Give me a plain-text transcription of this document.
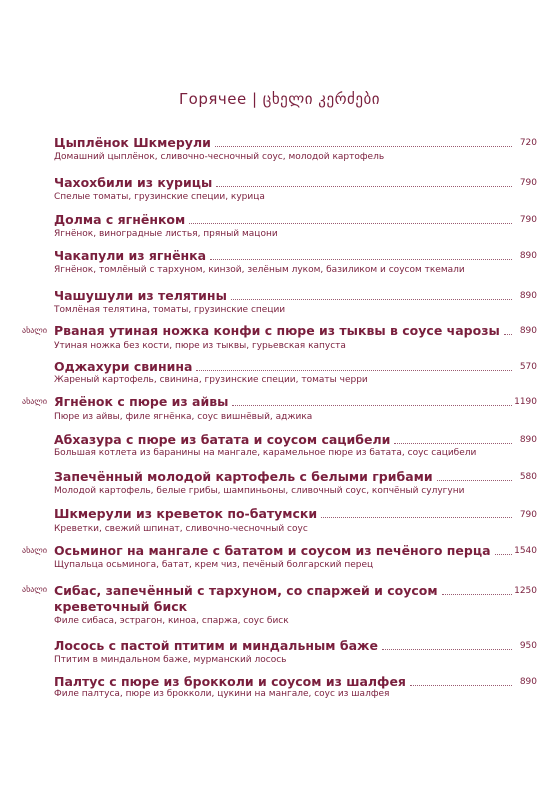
Горячее | ცხელი კერძები
Цыплёнок Шкмерули	720
Домашний цыплёнок, сливочно-чесночный соус, молодой картофель
Чахохбили из курицы	790
Спелые томаты, грузинские специи, курица
Долма с ягнёнком	790
Ягнёнок, виноградные листья, пряный мацони
Чакапули из ягнёнка	890
Ягнёнок, томлёный с тархуном, кинзой, зелёным луком, базиликом и соусом ткемали
Чашушули из телятины	890
Томлёная телятина, томаты, грузинские специи
ახალი Рваная утиная ножка конфи с пюре из тыквы в соусе чарозы 890
Утиная ножка без кости, пюре из тыквы, гурьевская капуста
Оджахури свинина	570
Жареный картофель, свинина, грузинские специи, томаты черри
ახალი Ягнёнок с пюре из айвы	1190
Пюре из айвы, филе ягнёнка, соус вишнёвый, аджика
Абхазура с пюре из батата и соусом сацибели	890
Большая котлета из баранины на мангале, карамельное пюре из батата, соус сацибели
Запечённый молодой картофель с белыми грибами	580
Молодой картофель, белые грибы, шампиньоны, сливочный соус, копчёный сулугуни
Шкмерули из креветок по-батумски	790
Креветки, свежий шпинат, сливочно-чесночный соус
ახალი Осьминог на мангале с бататом и соусом из печёного перца	1540
Щупальца осьминога, батат, крем чиз, печёный болгарский перец
ახალი Сибас, запечённый с тархуном, со спаржей и соусом	1250
креветочный биск
Филе сибаса, эстрагон, киноа, спаржа, соус биск
Лосось с пастой птитим и миндальным баже	950
Птитим в миндальном баже, мурманский лосось
Палтус с пюре из брокколи и соусом из шалфея	890
Филе палтуса, пюре из брокколи, цукини на мангале, соус из шалфея
